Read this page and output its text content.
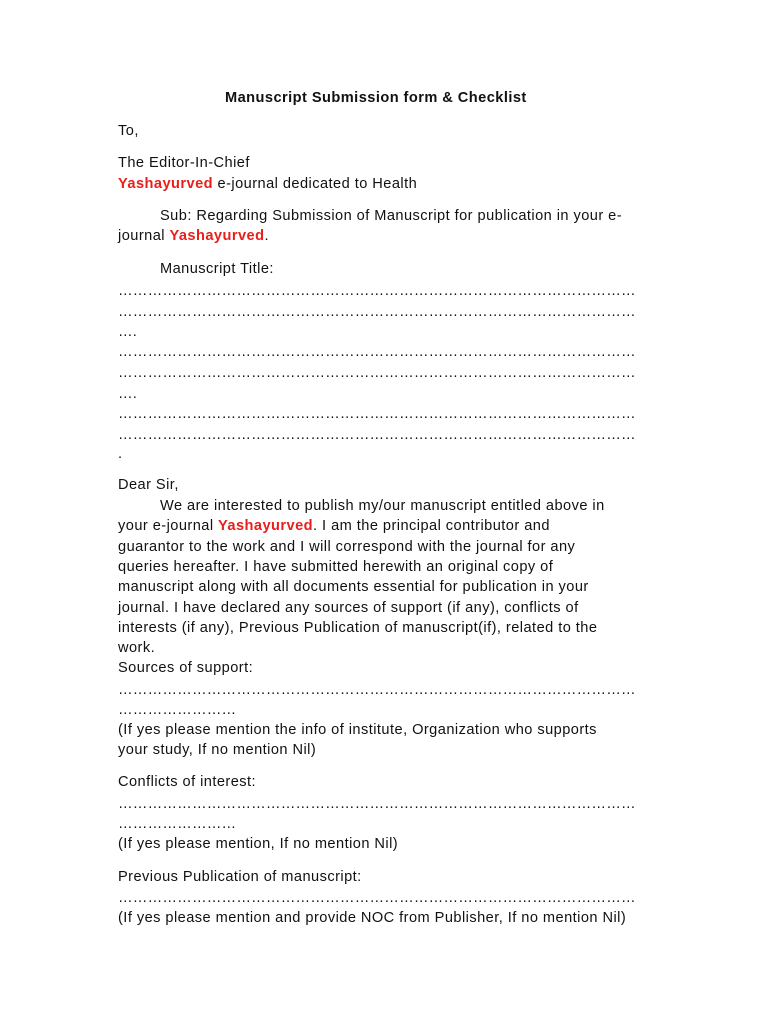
Manuscript Submission form & Checklist
To,
The Editor-In-Chief
Yashayurved e-journal dedicated to Health
Sub: Regarding Submission of Manuscript for publication in your e-
journal Yashayurved.
Manuscript Title:
……………………………………………………………………………………………
……………………………………………………………………………………………
….
……………………………………………………………………………………………
……………………………………………………………………………………………
….
……………………………………………………………………………………………
……………………………………………………………………………………………
.
Dear Sir,
We are interested to publish my/our manuscript entitled above in
your e-journal Yashayurved. I am the principal contributor and
guarantor to the work and I will correspond with the journal for any
queries hereafter. I have submitted herewith an original copy of
manuscript along with all documents essential for publication in your
journal. I have declared any sources of support (if any), conflicts of
interests (if any), Previous Publication of manuscript(if), related to the
work.
Sources of support:
……………………………………………………………………………………………
……………………
(If yes please mention the info of institute, Organization who supports
your study, If no mention Nil)
Conflicts of interest:
……………………………………………………………………………………………
……………………
(If yes please mention, If no mention Nil)
Previous Publication of manuscript:
……………………………………………………………………………………………
(If yes please mention and provide NOC from Publisher, If no mention Nil)
